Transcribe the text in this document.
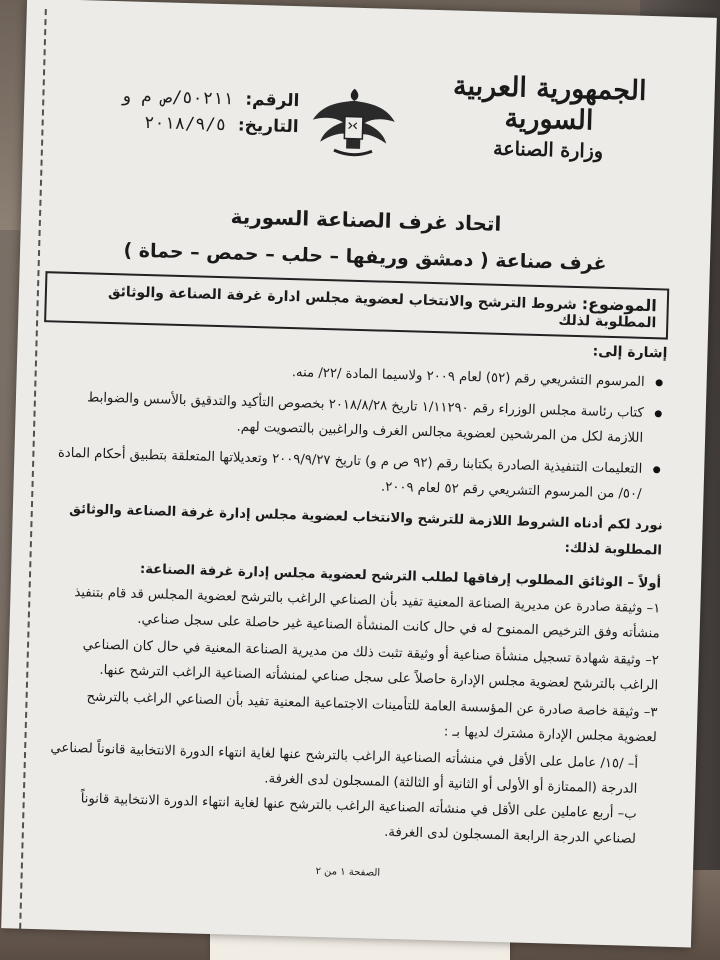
الجمهورية العربية السورية
وزارة الصناعة
الرقم: ٥٠٢١١/ص م و
التاريخ: ٢٠١٨/٩/٥
اتحاد غرف الصناعة السورية
غرف صناعة ( دمشق وريفها – حلب – حمص – حماة )
الموضوع: شروط الترشح والانتخاب لعضوية مجلس ادارة غرفة الصناعة والوثائق المطلوبة لذلك

إشارة إلى:

المرسوم التشريعي رقم (٥٢) لعام ٢٠٠٩ ولاسيما المادة /٢٢/ منه.

كتاب رئاسة مجلس الوزراء رقم ١/١١٢٩٠ تاريخ ٢٠١٨/٨/٢٨ بخصوص التأكيد والتدقيق بالأسس والضوابط اللازمة لكل من المرشحين لعضوية مجالس الغرف والراغبين بالتصويت لهم.

التعليمات التنفيذية الصادرة بكتابنا رقم (٩٢ ص م و) تاريخ ٢٠٠٩/٩/٢٧ وتعديلاتها المتعلقة بتطبيق أحكام المادة /٥٠/ من المرسوم التشريعي رقم ٥٢ لعام ٢٠٠٩.

نورد لكم أدناه الشروط اللازمة للترشح والانتخاب لعضوية مجلس إدارة غرفة الصناعة والوثائق المطلوبة لذلك:

أولاً – الوثائق المطلوب إرفاقها لطلب الترشح لعضوية مجلس إدارة غرفة الصناعة:

١– وثيقة صادرة عن مديرية الصناعة المعنية تفيد بأن الصناعي الراغب بالترشح لعضوية المجلس قد قام بتنفيذ منشأته وفق الترخيص الممنوح له في حال كانت المنشأة الصناعية غير حاصلة على سجل صناعي.

٢– وثيقة شهادة تسجيل منشأة صناعية أو وثيقة تثبت ذلك من مديرية الصناعة المعنية في حال كان الصناعي الراغب بالترشح لعضوية مجلس الإدارة حاصلاً على سجل صناعي لمنشأته الصناعية الراغب الترشح عنها.

٣– وثيقة خاصة صادرة عن المؤسسة العامة للتأمينات الاجتماعية المعنية تفيد بأن الصناعي الراغب بالترشح لعضوية مجلس الإدارة مشترك لديها بـ :

أ– /١٥/ عامل على الأقل في منشأته الصناعية الراغب بالترشح عنها لغاية انتهاء الدورة الانتخابية قانوناً لصناعي الدرجة (الممتازة أو الأولى أو الثانية أو الثالثة) المسجلون لدى الغرفة.

ب– أربع عاملين على الأقل في منشأته الصناعية الراغب بالترشح عنها لغاية انتهاء الدورة الانتخابية قانوناً لصناعي الدرجة الرابعة المسجلون لدى الغرفة.

الصفحة ١ من ٢
